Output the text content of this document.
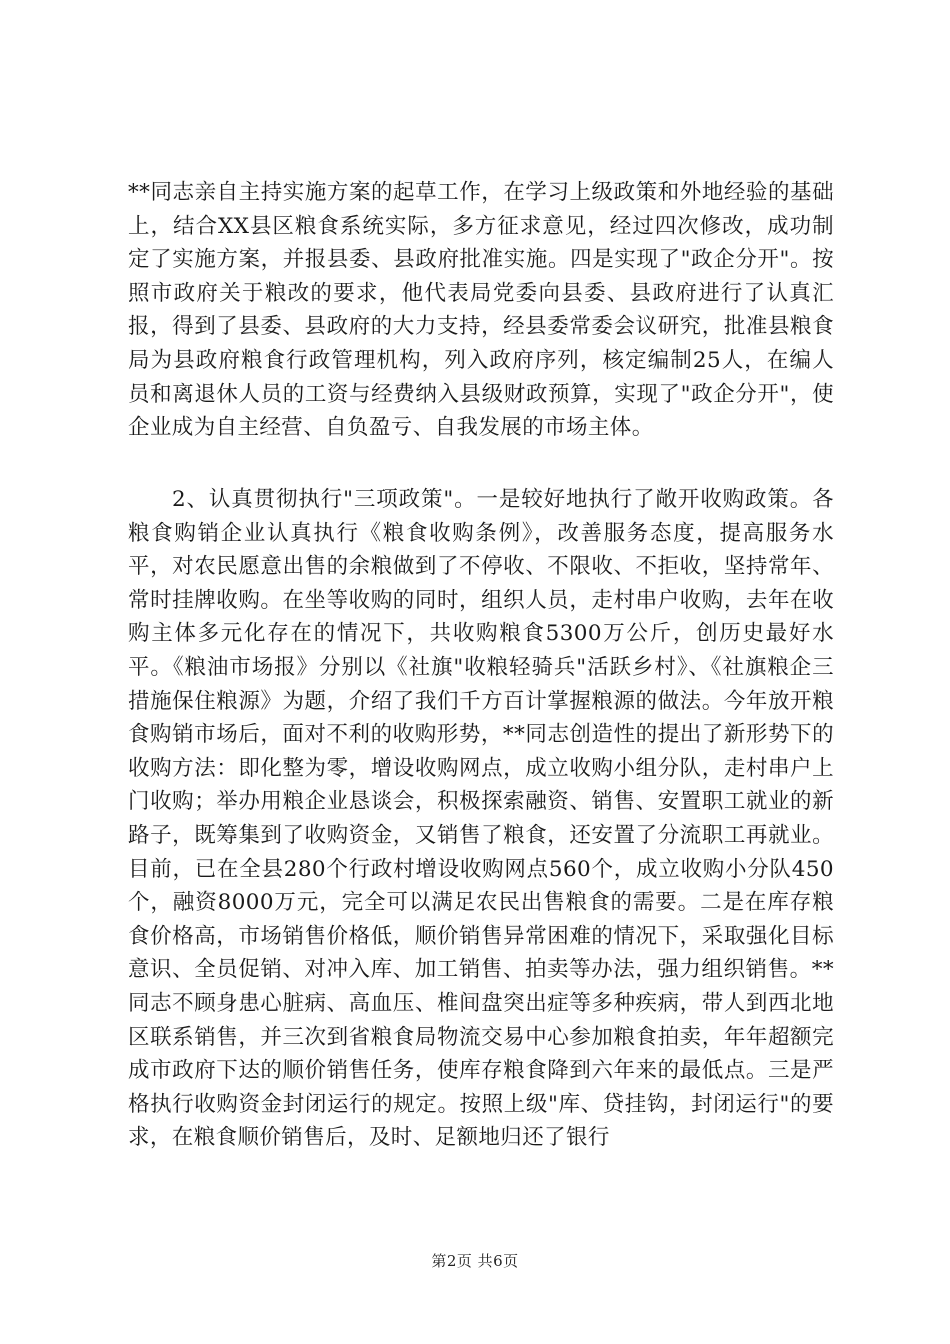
**同志亲自主持实施方案的起草工作，在学习上级政策和外地经验的基础上，结合XX县区粮食系统实际，多方征求意见，经过四次修改，成功制定了实施方案，并报县委、县政府批准实施。四是实现了"政企分开"。按照市政府关于粮改的要求，他代表局党委向县委、县政府进行了认真汇报，得到了县委、县政府的大力支持，经县委常委会议研究，批准县粮食局为县政府粮食行政管理机构，列入政府序列，核定编制25人，在编人员和离退休人员的工资与经费纳入县级财政预算，实现了"政企分开"，使企业成为自主经营、自负盈亏、自我发展的市场主体。

2、认真贯彻执行"三项政策"。一是较好地执行了敞开收购政策。各粮食购销企业认真执行《粮食收购条例》，改善服务态度，提高服务水平，对农民愿意出售的余粮做到了不停收、不限收、不拒收，坚持常年、常时挂牌收购。在坐等收购的同时，组织人员，走村串户收购，去年在收购主体多元化存在的情况下，共收购粮食5300万公斤，创历史最好水平。《粮油市场报》分别以《社旗"收粮轻骑兵"活跃乡村》、《社旗粮企三措施保住粮源》为题，介绍了我们千方百计掌握粮源的做法。今年放开粮食购销市场后，面对不利的收购形势，**同志创造性的提出了新形势下的收购方法：即化整为零，增设收购网点，成立收购小组分队，走村串户上门收购；举办用粮企业恳谈会，积极探索融资、销售、安置职工就业的新路子，既筹集到了收购资金，又销售了粮食，还安置了分流职工再就业。目前，已在全县280个行政村增设收购网点560个，成立收购小分队450个，融资8000万元，完全可以满足农民出售粮食的需要。二是在库存粮食价格高，市场销售价格低，顺价销售异常困难的情况下，采取强化目标意识、全员促销、对冲入库、加工销售、拍卖等办法，强力组织销售。**同志不顾身患心脏病、高血压、椎间盘突出症等多种疾病，带人到西北地区联系销售，并三次到省粮食局物流交易中心参加粮食拍卖，年年超额完成市政府下达的顺价销售任务，使库存粮食降到六年来的最低点。三是严格执行收购资金封闭运行的规定。按照上级"库、贷挂钩，封闭运行"的要求，在粮食顺价销售后，及时、足额地归还了银行

第2页 共6页
